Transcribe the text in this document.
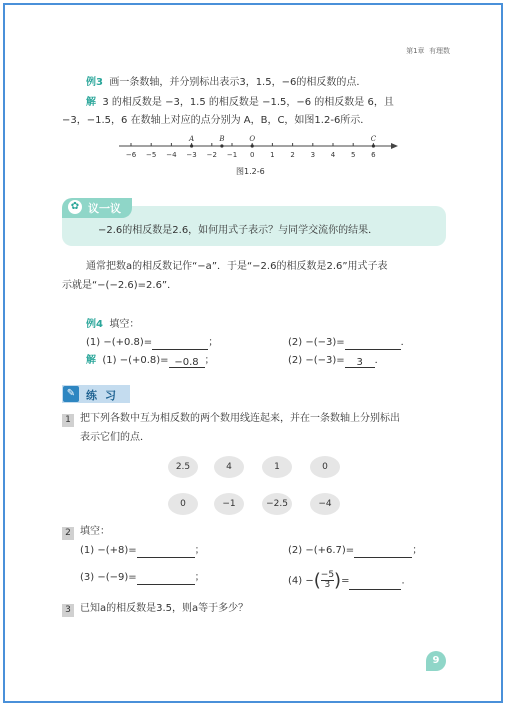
第1章 有理数
例3 画一条数轴，并分别标出表示3，1.5，−6的相反数的点．
解 3 的相反数是 −3，1.5 的相反数是 −1.5，−6 的相反数是 6，且
−3，−1.5，6 在数轴上对应的点分别为 A，B，C，如图1.2-6所示．
−6 −5 −4 −3 −2 −1 0 1 2 3 4 5 6
A	B	O	C
图1.2-6
✿ 议一议
−2.6的相反数是2.6，如何用式子表示？与同学交流你的结果．
通常把数a的相反数记作“−a”．于是“−2.6的相反数是2.6”用式子表
示就是“−(−2.6)=2.6”．
例4 填空：
(1) −(+0.8)=	；	(2) −(−3)=	．
解 (1) −(+0.8)= −0.8 ；	(2) −(−3)= 3 ．
✎ 练习
1 把下列各数中互为相反数的两个数用线连起来，并在一条数轴上分别标出
表示它们的点．
2.5	4	1	0
0	−1	−2.5	−4
2 填空：
(1) −(+8)=	；	(2) −(+6.7)=	；
(3) −(−9)=	；	(4) −( $\frac{-5}{3}$ )=	．
3 已知a的相反数是3.5，则a等于多少？
9
